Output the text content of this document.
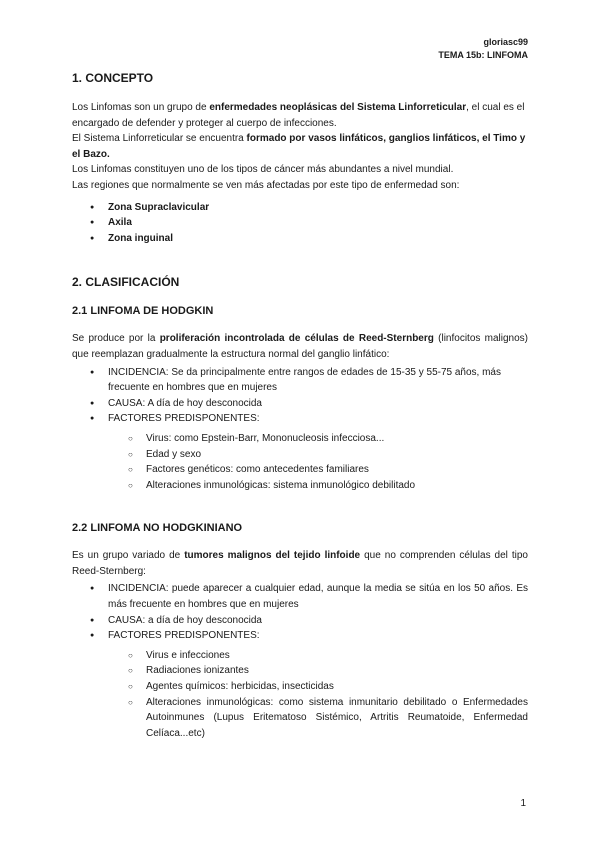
gloriasc99
TEMA 15b: LINFOMA
1. CONCEPTO

Los Linfomas son un grupo de enfermedades neoplásicas del Sistema Linforreticular, el cual es el encargado de defender y proteger al cuerpo de infecciones.

El Sistema Linforreticular se encuentra formado por vasos linfáticos, ganglios linfáticos, el Timo y el Bazo.

Los Linfomas constituyen uno de los tipos de cáncer más abundantes a nivel mundial.

Las regiones que normalmente se ven más afectadas por este tipo de enfermedad son:

● Zona Supraclavicular
● Axila
● Zona inguinal
2. CLASIFICACIÓN
2.1 LINFOMA DE HODGKIN

Se produce por la proliferación incontrolada de células de Reed-Sternberg (linfocitos malignos) que reemplazan gradualmente la estructura normal del ganglio linfático:

● INCIDENCIA: Se da principalmente entre rangos de edades de 15-35 y 55-75 años, más frecuente en hombres que en mujeres
● CAUSA: A día de hoy desconocida
● FACTORES PREDISPONENTES:
○ Virus: como Epstein-Barr, Mononucleosis infecciosa...
○ Edad y sexo
○ Factores genéticos: como antecedentes familiares
○ Alteraciones inmunológicas: sistema inmunológico debilitado
2.2 LINFOMA NO HODGKINIANO

Es un grupo variado de tumores malignos del tejido linfoide que no comprenden células del tipo Reed-Sternberg:

● INCIDENCIA: puede aparecer a cualquier edad, aunque la media se sitúa en los 50 años. Es más frecuente en hombres que en mujeres
● CAUSA: a día de hoy desconocida
● FACTORES PREDISPONENTES:
○ Virus e infecciones
○ Radiaciones ionizantes
○ Agentes químicos: herbicidas, insecticidas
○ Alteraciones inmunológicas: como sistema inmunitario debilitado o Enfermedades Autoinmunes (Lupus Eritematoso Sistémico, Artritis Reumatoide, Enfermedad Celíaca...etc)
1
